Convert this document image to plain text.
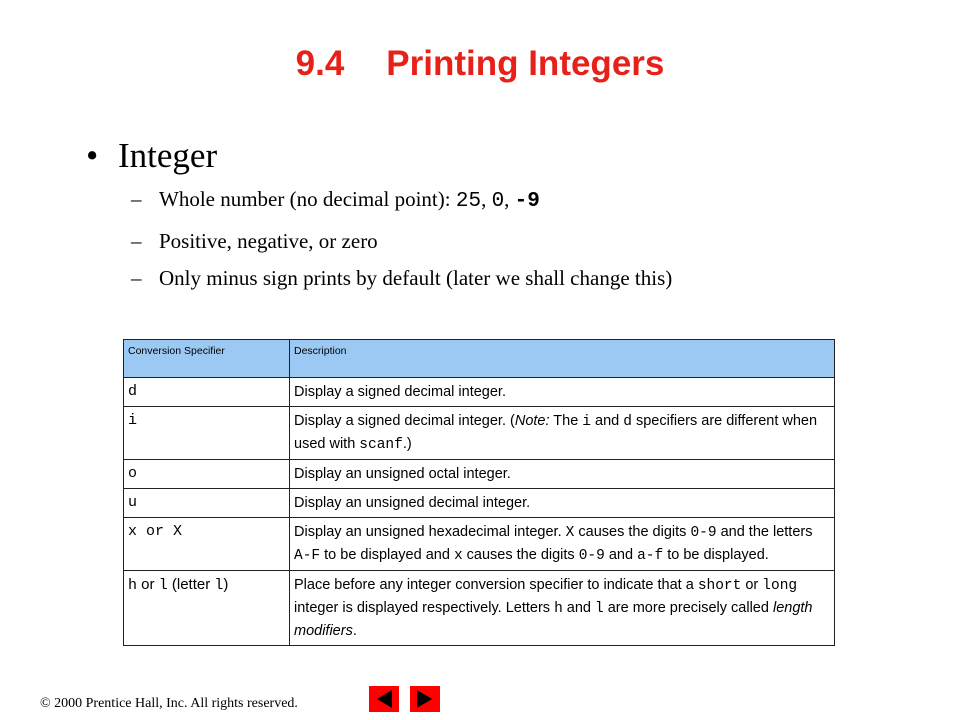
9.4 Printing Integers
• Integer
– Whole number (no decimal point): 25, 0, -9
– Positive, negative, or zero
– Only minus sign prints by default (later we shall change this)
Conversion Specifier	Description
d	Display a signed decimal integer.
i	Display a signed decimal integer. (Note: The i and d specifiers are different when used with scanf.)
o	Display an unsigned octal integer.
u	Display an unsigned decimal integer.
x or X	Display an unsigned hexadecimal integer. X causes the digits 0-9 and the letters A-F to be displayed and x causes the digits 0-9 and a-f to be displayed.
h or l (letter l)	Place before any integer conversion specifier to indicate that a short or long integer is displayed respectively. Letters h and l are more precisely called length modifiers.
© 2000 Prentice Hall, Inc. All rights reserved.
